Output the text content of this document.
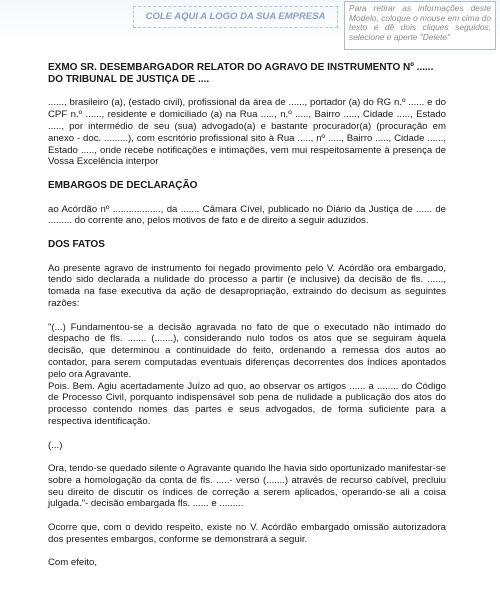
COLE AQUI A LOGO DA SUA EMPRESA
Para retirar as informações deste Modelo, coloque o mouse em cima do texto e dê dois cliques seguidos, selecione e aperte "Delete"

EXMO SR. DESEMBARGADOR RELATOR DO AGRAVO DE INSTRUMENTO Nº ...... DO TRIBUNAL DE JUSTIÇA DE ....

......, brasileiro (a), (estado civil), profissional da área de ......, portador (a) do RG n.º ...... e do CPF n.º ......, residente e domiciliado (a) na Rua ....., n.º ....., Bairro ....., Cidade ....., Estado ....., por intermédio de seu (sua) advogado(a) e bastante procurador(a) (procuração em anexo - doc. .........), com escritório profissional sito à Rua ....., nº ....., Bairro ....., Cidade ......, Estado ....., onde recebe notificações e intimações, vem mui respeitosamente à presença de Vossa Excelência interpor

EMBARGOS DE DECLARAÇÃO

ao Acórdão nº .................., da ....... Câmara Cível, publicado no Diário da Justiça de ...... de ......... do corrente ano, pelos motivos de fato e de direito a seguir aduzidos.

DOS FATOS

Ao presente agravo de instrumento foi negado provimento pelo V. Acórdão ora embargado, tendo sido declarada a nulidade do processo a partir (e inclusive) da decisão de fls. ......, tomada na fase executiva da ação de desapropriação, extraindo do decisum as seguintes razões:

"(...) Fundamentou-se a decisão agravada no fato de que o executado não intimado do despacho de fls. ....... (.......), considerando nulo todos os atos que se seguiram àquela decisão, que determinou a continuidade do feito, ordenando a remessa dos autos ao contador, para serem computadas eventuais diferenças decorrentes dos índices apontados pelo ora Agravante.

Pois. Bem. Agiu acertadamente Juízo ad quo, ao observar os artigos ...... a ........ do Código de Processo Civil, porquanto indispensável sob pena de nulidade a publicação dos atos do processo contendo nomes das partes e seus advogados, de forma suficiente para a respectiva identificação.

(...)

Ora, tendo-se quedado silente o Agravante quando lhe havia sido oportunizado manifestar-se sobre a homologação da conta de fls. .....- verso (.......) através de recurso cabível, precluiu seu direito de discutir os índices de correção a serem aplicados, operando-se ali a coisa julgada."- decisão embargada fls. ...... e .........

Ocorre que, com o devido respeito, existe no V. Acórdão embargado omissão autorizadora dos presentes embargos, conforme se demonstrará a seguir.

Com efeito,
